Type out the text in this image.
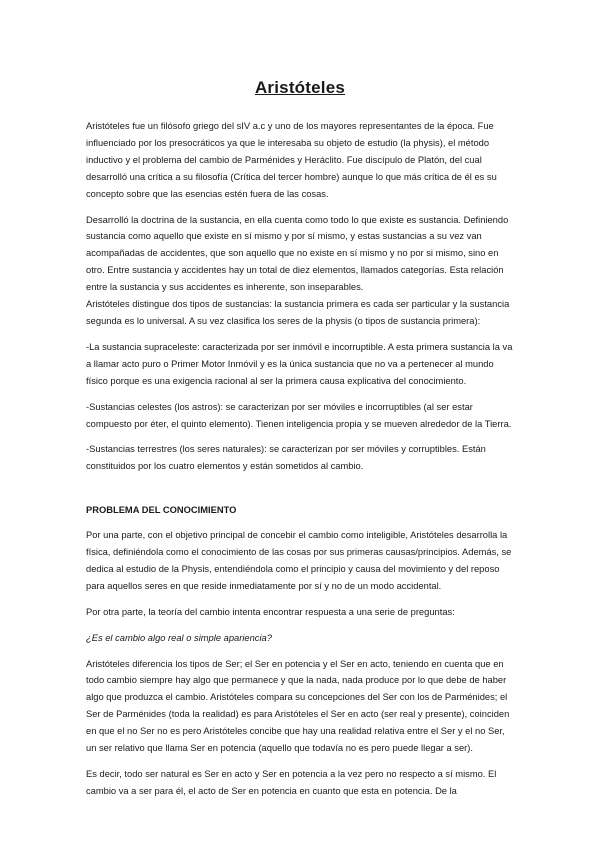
Aristóteles
Aristóteles fue un filósofo griego del sIV a.c y uno de los mayores representantes de la época. Fue influenciado por los presocráticos ya que le interesaba su objeto de estudio (la physis), el método inductivo y el problema del cambio de Parménides y Heráclito. Fue discípulo de Platón, del cual desarrolló una crítica a su filosofía (Crítica del tercer hombre) aunque lo que más crítica de él es su concepto sobre que las esencias estén fuera de las cosas.
Desarrolló la doctrina de la sustancia, en ella cuenta como todo lo que existe es sustancia. Definiendo sustancia como aquello que existe en sí mismo y por sí mismo, y estas sustancias a su vez van acompañadas de accidentes, que son aquello que no existe en sí mismo y no por si mismo, sino en otro. Entre sustancia y accidentes hay un total de diez elementos, llamados categorías. Esta relación entre la sustancia y sus accidentes es inherente, son inseparables.
Aristóteles distingue dos tipos de sustancias: la sustancia primera es cada ser particular y la sustancia segunda es lo universal. A su vez clasifica los seres de la physis (o tipos de sustancia primera):
-La sustancia supraceleste: caracterizada por ser inmóvil e incorruptible. A esta primera sustancia la va a llamar acto puro o Primer Motor Inmóvil y es la única sustancia que no va a pertenecer al mundo físico porque es una exigencia racional al ser la primera causa explicativa del conocimiento.
-Sustancias celestes (los astros): se caracterizan por ser móviles e incorruptibles (al ser estar compuesto por éter, el quinto elemento). Tienen inteligencia propia y se mueven alrededor de la Tierra.
-Sustancias terrestres (los seres naturales): se caracterizan por ser móviles y corruptibles. Están constituidos por los cuatro elementos y están sometidos al cambio.
PROBLEMA DEL CONOCIMIENTO
Por una parte, con el objetivo principal de concebir el cambio como inteligible, Aristóteles desarrolla la física, definiéndola como el conocimiento de las cosas por sus primeras causas/principios. Además, se dedica al estudio de la Physis, entendiéndola como el principio y causa del movimiento y del reposo para aquellos seres en que reside inmediatamente por sí y no de un modo accidental.
Por otra parte, la teoría del cambio intenta encontrar respuesta a una serie de preguntas:
¿Es el cambio algo real o simple apariencia?
Aristóteles diferencia los tipos de Ser; el Ser en potencia y el Ser en acto, teniendo en cuenta que en todo cambio siempre hay algo que permanece y que la nada, nada produce por lo que debe de haber algo que produzca el cambio. Aristóteles compara su concepciones del Ser con los de Parménides; el Ser de Parménides (toda la realidad) es para Aristóteles el Ser en acto (ser real y presente), coinciden en que el no Ser no es pero Aristóteles concibe que hay una realidad relativa entre el Ser y el no Ser, un ser relativo que llama Ser en potencia (aquello que todavía no es pero puede llegar a ser).
Es decir, todo ser natural es Ser en acto y Ser en potencia a la vez pero no respecto a sí mismo. El cambio va a ser para él, el acto de Ser en potencia en cuanto que esta en potencia. De la
